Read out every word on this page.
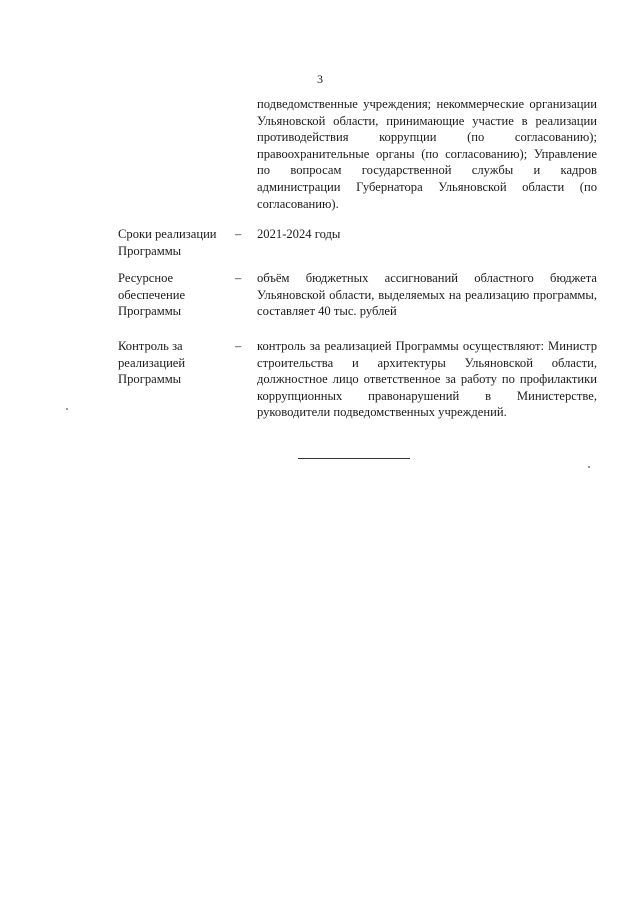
3
подведомственные учреждения; некоммерческие организации Ульяновской области, принимающие участие в реализации противодействия коррупции (по согласованию); правоохранительные органы (по согласованию); Управление по вопросам государственной службы и кадров администрации Губернатора Ульяновской области (по согласованию).
Сроки реализации Программы
– 2021-2024 годы
Ресурсное обеспечение Программы
– объём бюджетных ассигнований областного бюджета Ульяновской области, выделяемых на реализацию программы, составляет 40 тыс. рублей
Контроль за реализацией Программы
– контроль за реализацией Программы осуществляют: Министр строительства и архитектуры Ульяновской области, должностное лицо ответственное за работу по профилактики коррупционных правонарушений в Министерстве, руководители подведомственных учреждений.
